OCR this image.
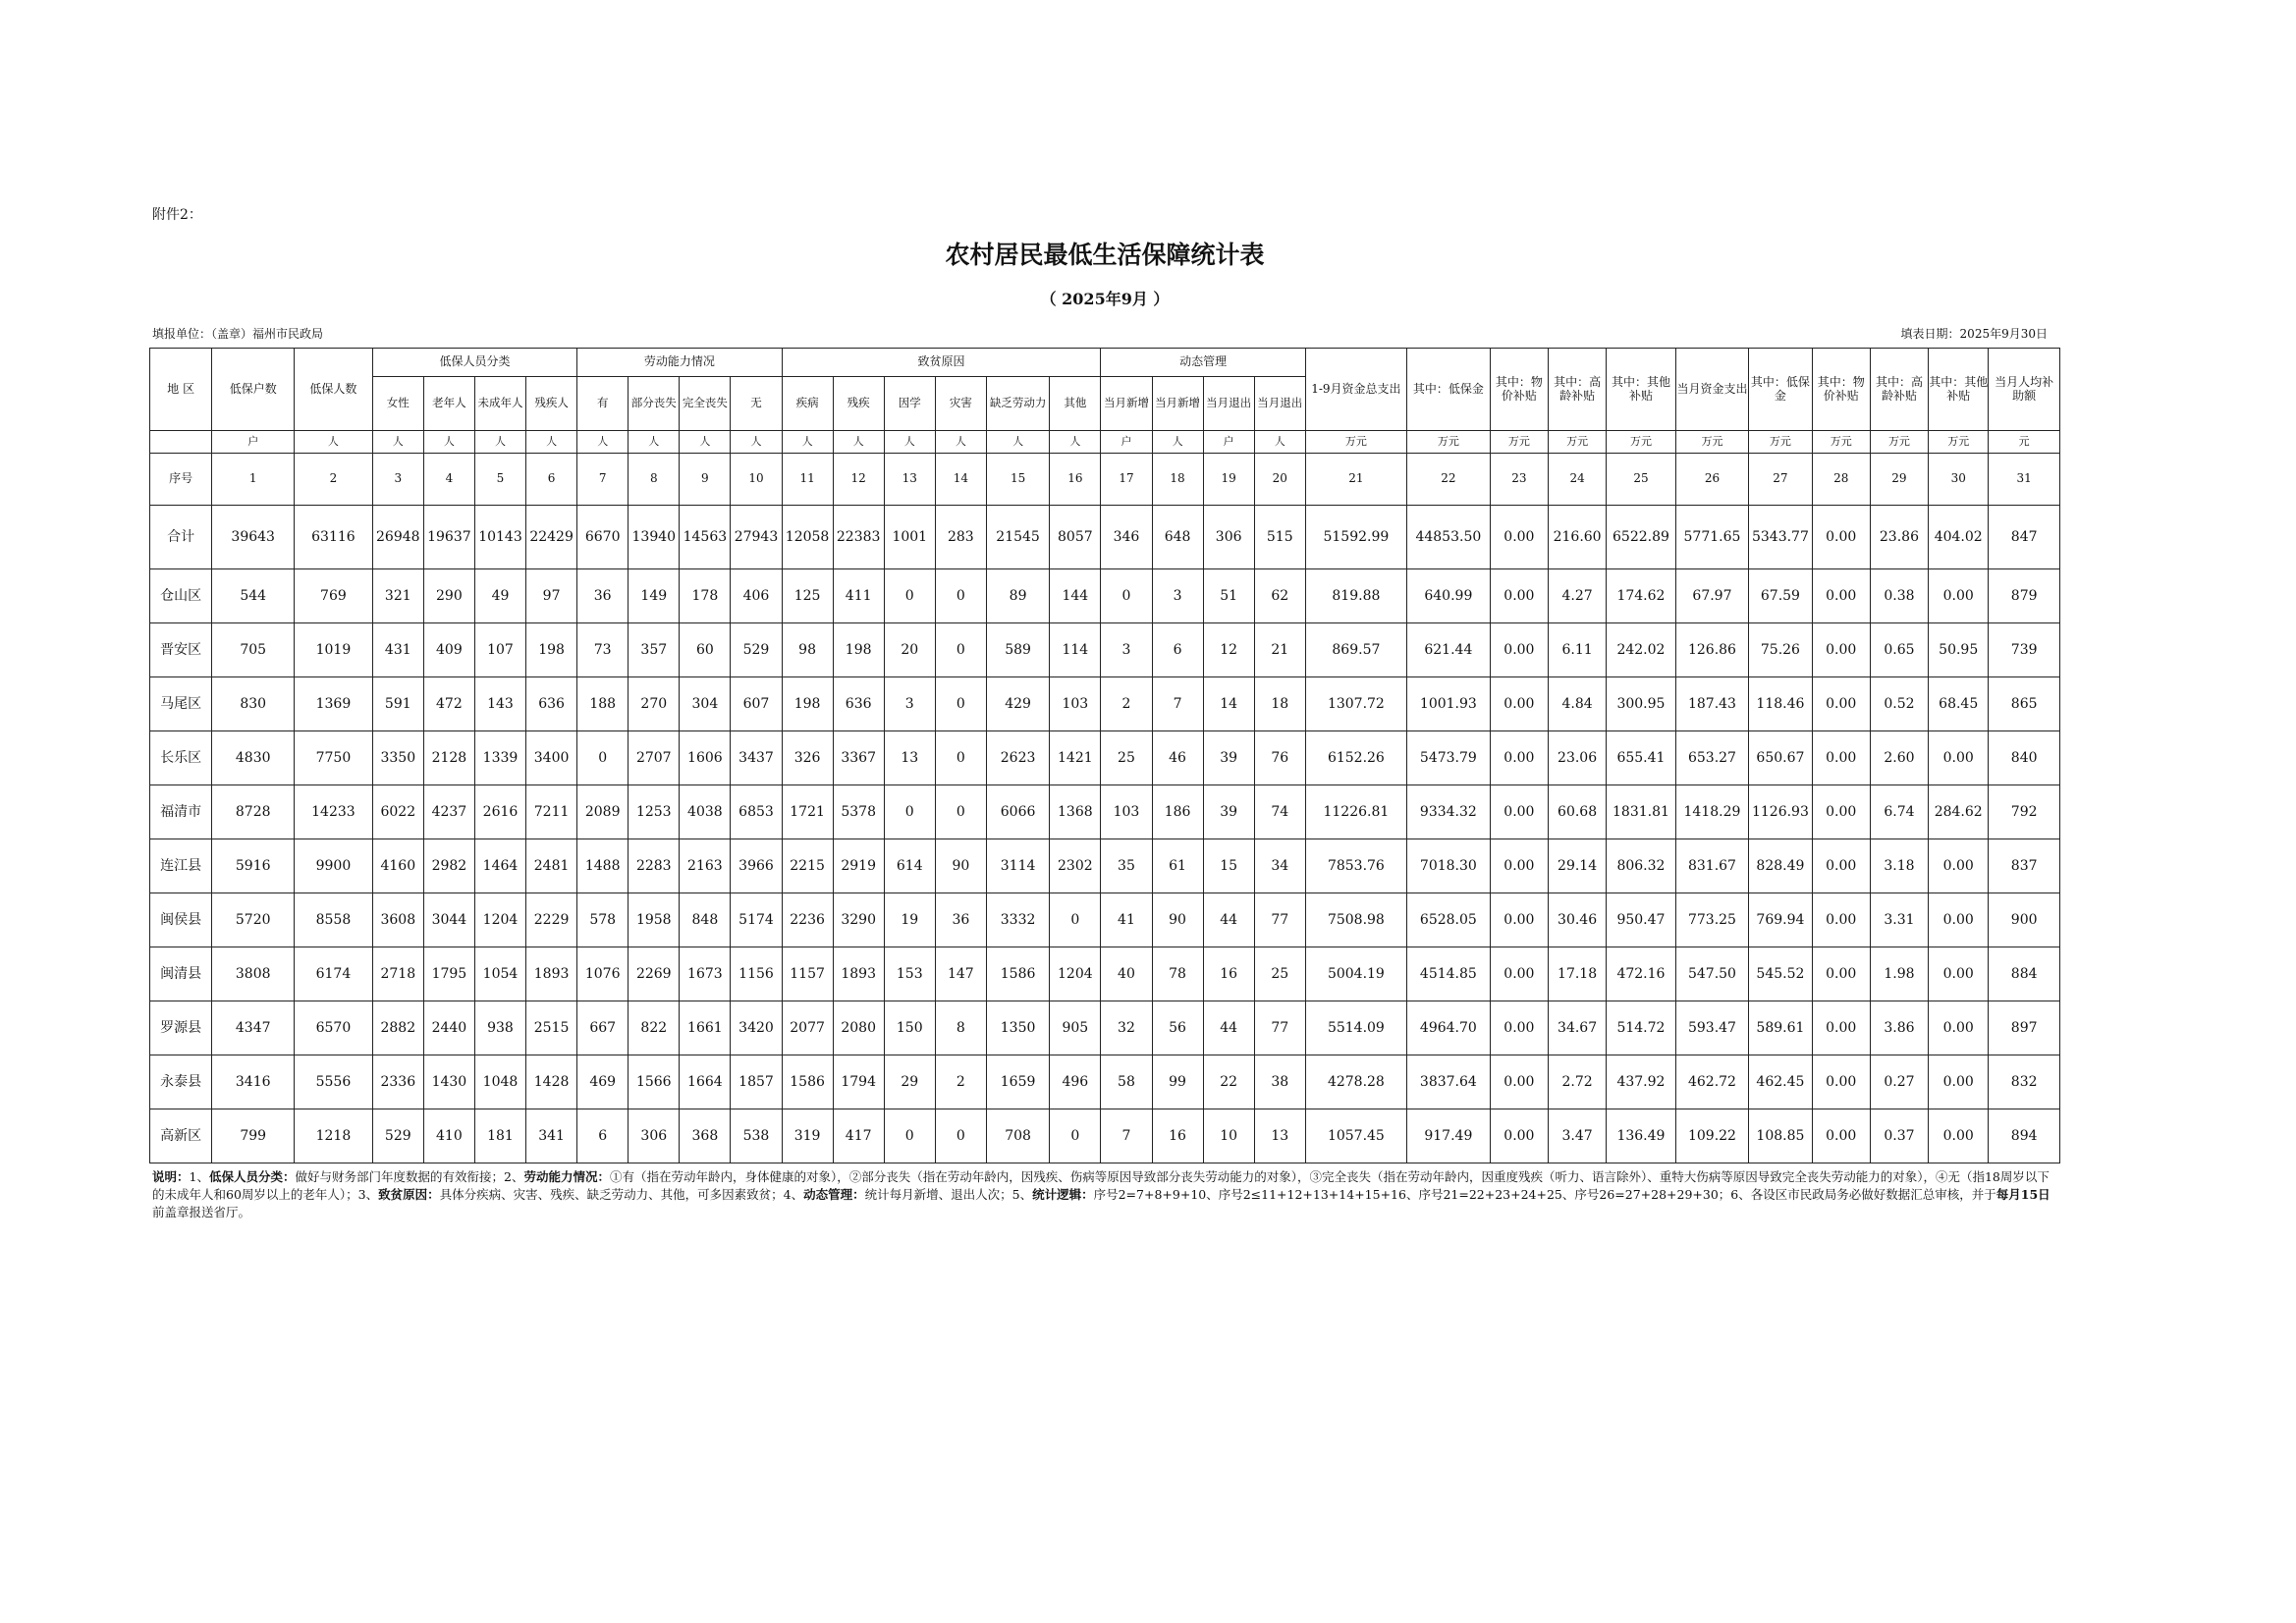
附件2：
农村居民最低生活保障统计表
（ 2025年9月 ）
填报单位：（盖章）福州市民政局	填表日期：2025年9月30日
地 区	低保户数	低保人数	低保人员分类				劳动能力情况				致贫原因						动态管理				1-9月资金总支出	其中：低保金	其中：物价补贴	其中：高龄补贴	其中：其他补贴	当月资金支出	其中：低保金	其中：物价补贴	其中：高龄补贴	其中：其他补贴	当月人均补助额
			女性	老年人	未成年人	残疾人	有	部分丧失	完全丧失	无	疾病	残疾	因学	灾害	缺乏劳动力	其他	当月新增	当月新增	当月退出	当月退出											
	户	人	人	人	人	人	人	人	人	人	人	人	人	人	人	人	户	人	户	人	万元	万元	万元	万元	万元	万元	万元	万元	万元	万元	元
序号	1	2	3	4	5	6	7	8	9	10	11	12	13	14	15	16	17	18	19	20	21	22	23	24	25	26	27	28	29	30	31
合计	39643	63116	26948	19637	10143	22429	6670	13940	14563	27943	12058	22383	1001	283	21545	8057	346	648	306	515	51592.99	44853.50	0.00	216.60	6522.89	5771.65	5343.77	0.00	23.86	404.02	847
仓山区	544	769	321	290	49	97	36	149	178	406	125	411	0	0	89	144	0	3	51	62	819.88	640.99	0.00	4.27	174.62	67.97	67.59	0.00	0.38	0.00	879
晋安区	705	1019	431	409	107	198	73	357	60	529	98	198	20	0	589	114	3	6	12	21	869.57	621.44	0.00	6.11	242.02	126.86	75.26	0.00	0.65	50.95	739
马尾区	830	1369	591	472	143	636	188	270	304	607	198	636	3	0	429	103	2	7	14	18	1307.72	1001.93	0.00	4.84	300.95	187.43	118.46	0.00	0.52	68.45	865
长乐区	4830	7750	3350	2128	1339	3400	0	2707	1606	3437	326	3367	13	0	2623	1421	25	46	39	76	6152.26	5473.79	0.00	23.06	655.41	653.27	650.67	0.00	2.60	0.00	840
福清市	8728	14233	6022	4237	2616	7211	2089	1253	4038	6853	1721	5378	0	0	6066	1368	103	186	39	74	11226.81	9334.32	0.00	60.68	1831.81	1418.29	1126.93	0.00	6.74	284.62	792
连江县	5916	9900	4160	2982	1464	2481	1488	2283	2163	3966	2215	2919	614	90	3114	2302	35	61	15	34	7853.76	7018.30	0.00	29.14	806.32	831.67	828.49	0.00	3.18	0.00	837
闽侯县	5720	8558	3608	3044	1204	2229	578	1958	848	5174	2236	3290	19	36	3332	0	41	90	44	77	7508.98	6528.05	0.00	30.46	950.47	773.25	769.94	0.00	3.31	0.00	900
闽清县	3808	6174	2718	1795	1054	1893	1076	2269	1673	1156	1157	1893	153	147	1586	1204	40	78	16	25	5004.19	4514.85	0.00	17.18	472.16	547.50	545.52	0.00	1.98	0.00	884
罗源县	4347	6570	2882	2440	938	2515	667	822	1661	3420	2077	2080	150	8	1350	905	32	56	44	77	5514.09	4964.70	0.00	34.67	514.72	593.47	589.61	0.00	3.86	0.00	897
永泰县	3416	5556	2336	1430	1048	1428	469	1566	1664	1857	1586	1794	29	2	1659	496	58	99	22	38	4278.28	3837.64	0.00	2.72	437.92	462.72	462.45	0.00	0.27	0.00	832
高新区	799	1218	529	410	181	341	6	306	368	538	319	417	0	0	708	0	7	16	10	13	1057.45	917.49	0.00	3.47	136.49	109.22	108.85	0.00	0.37	0.00	894
说明：1、低保人员分类：做好与财务部门年度数据的有效衔接；2、劳动能力情况：①有（指在劳动年龄内，身体健康的对象），②部分丧失（指在劳动年龄内，因残疾、伤病等原因导致部分丧失劳动能力的对象），③完全丧失（指在劳动年龄内，因重度残疾（听力、语言除外）、重特大伤病等原因导致完全丧失劳动能力的对象），④无（指18周岁以下的未成年人和60周岁以上的老年人）；3、致贫原因：具体分疾病、灾害、残疾、缺乏劳动力、其他，可多因素致贫；4、动态管理：统计每月新增、退出人次；5、统计逻辑：序号2=7+8+9+10、序号2≤11+12+13+14+15+16、序号21=22+23+24+25、序号26=27+28+29+30；6、各设区市民政局务必做好数据汇总审核，并于每月15日前盖章报送省厅。
